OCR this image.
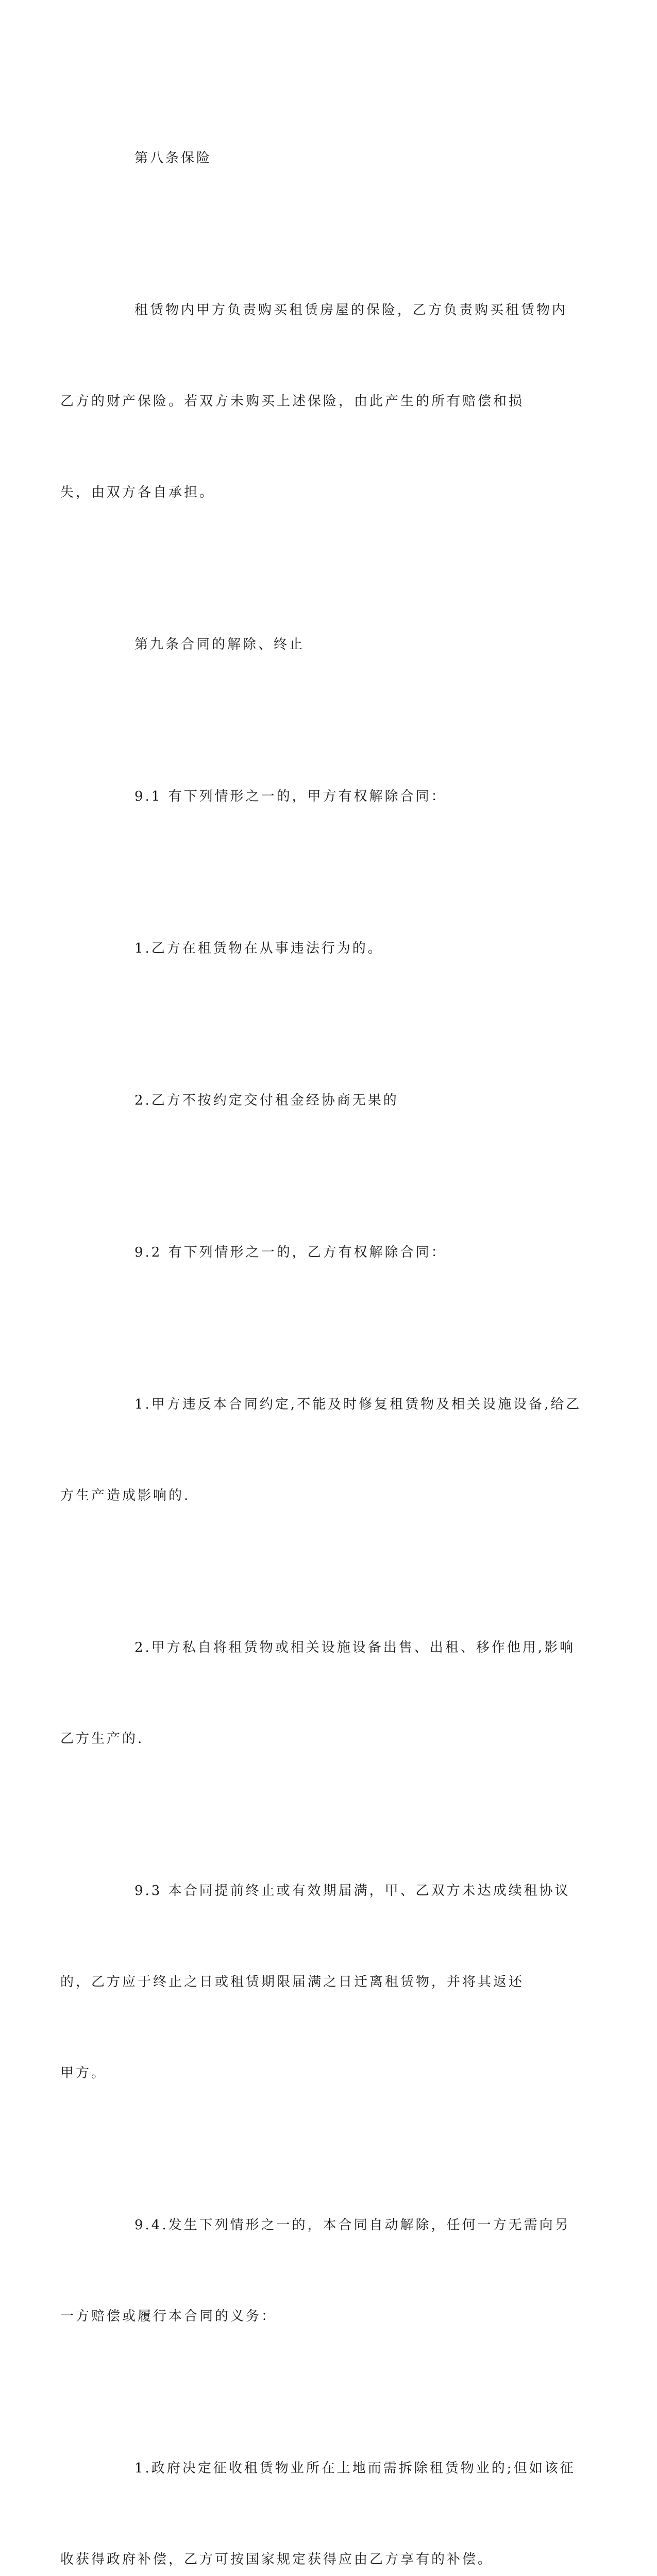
第八条保险

租赁物内甲方负责购买租赁房屋的保险，乙方负责购买租赁物内

乙方的财产保险。若双方未购买上述保险，由此产生的所有赔偿和损

失，由双方各自承担。

第九条合同的解除、终止

9.1 有下列情形之一的，甲方有权解除合同：

1.乙方在租赁物在从事违法行为的。

2.乙方不按约定交付租金经协商无果的

9.2 有下列情形之一的，乙方有权解除合同：

1.甲方违反本合同约定,不能及时修复租赁物及相关设施设备,给乙

方生产造成影响的.

2.甲方私自将租赁物或相关设施设备出售、出租、移作他用,影响

乙方生产的.

9.3 本合同提前终止或有效期届满，甲、乙双方未达成续租协议

的，乙方应于终止之日或租赁期限届满之日迁离租赁物，并将其返还

甲方。

9.4.发生下列情形之一的，本合同自动解除，任何一方无需向另

一方赔偿或履行本合同的义务：

1.政府决定征收租赁物业所在土地而需拆除租赁物业的;但如该征

收获得政府补偿，乙方可按国家规定获得应由乙方享有的补偿。
